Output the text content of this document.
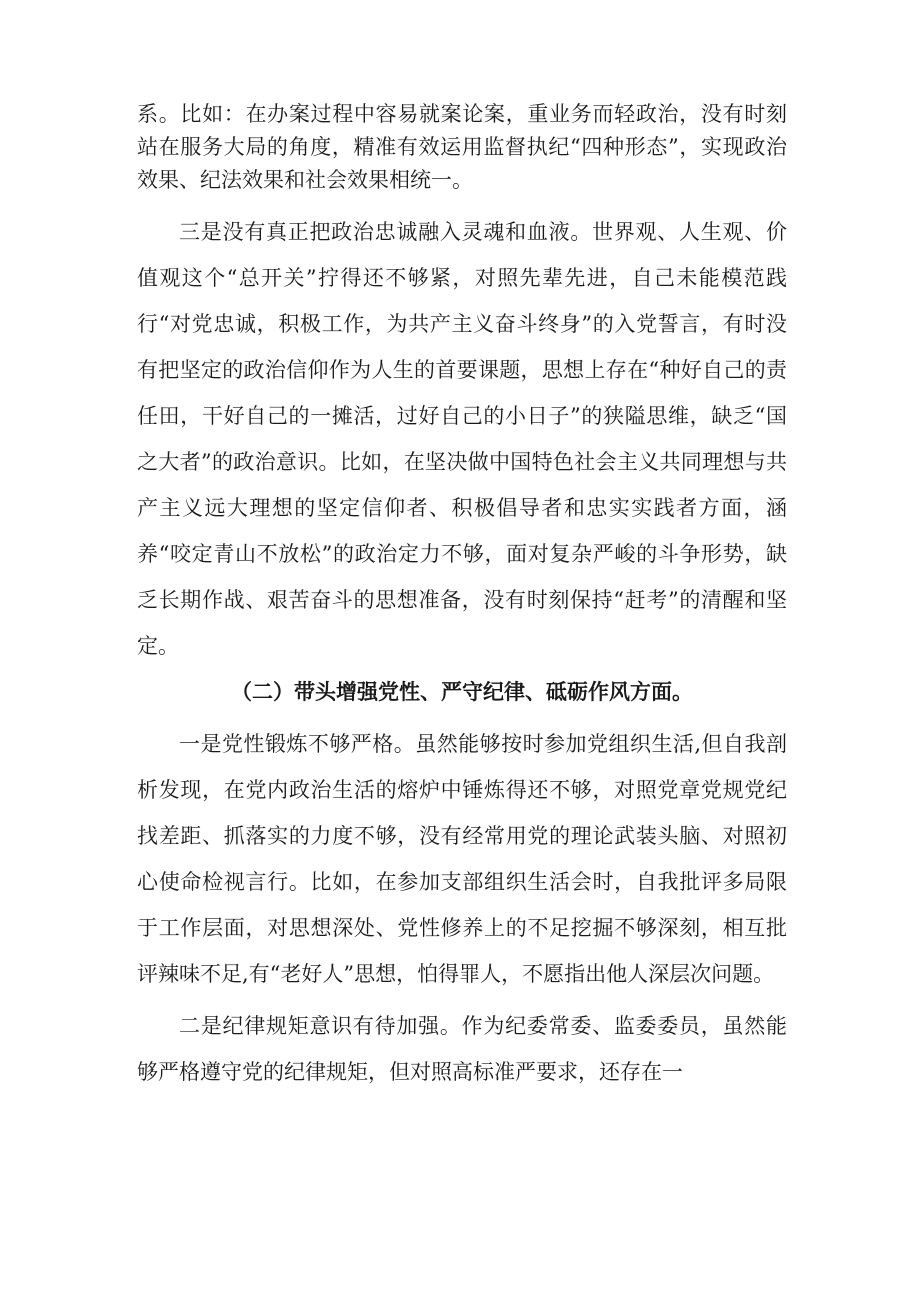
系。比如：在办案过程中容易就案论案，重业务而轻政治，没有时刻站在服务大局的角度，精准有效运用监督执纪“四种形态”，实现政治效果、纪法效果和社会效果相统一。

三是没有真正把政治忠诚融入灵魂和血液。世界观、人生观、价值观这个“总开关”拧得还不够紧，对照先辈先进，自己未能模范践行“对党忠诚，积极工作，为共产主义奋斗终身”的入党誓言，有时没有把坚定的政治信仰作为人生的首要课题，思想上存在“种好自己的责任田，干好自己的一摊活，过好自己的小日子”的狭隘思维，缺乏“国之大者”的政治意识。比如，在坚决做中国特色社会主义共同理想与共产主义远大理想的坚定信仰者、积极倡导者和忠实实践者方面，涵养“咬定青山不放松”的政治定力不够，面对复杂严峻的斗争形势，缺乏长期作战、艰苦奋斗的思想准备，没有时刻保持“赶考”的清醒和坚定。

（二）带头增强党性、严守纪律、砥砺作风方面。

一是党性锻炼不够严格。虽然能够按时参加党组织生活,但自我剖析发现，在党内政治生活的熔炉中锤炼得还不够，对照党章党规党纪找差距、抓落实的力度不够，没有经常用党的理论武装头脑、对照初心使命检视言行。比如，在参加支部组织生活会时，自我批评多局限于工作层面，对思想深处、党性修养上的不足挖掘不够深刻，相互批评辣味不足,有“老好人”思想，怕得罪人，不愿指出他人深层次问题。

二是纪律规矩意识有待加强。作为纪委常委、监委委员，虽然能够严格遵守党的纪律规矩，但对照高标准严要求，还存在一
